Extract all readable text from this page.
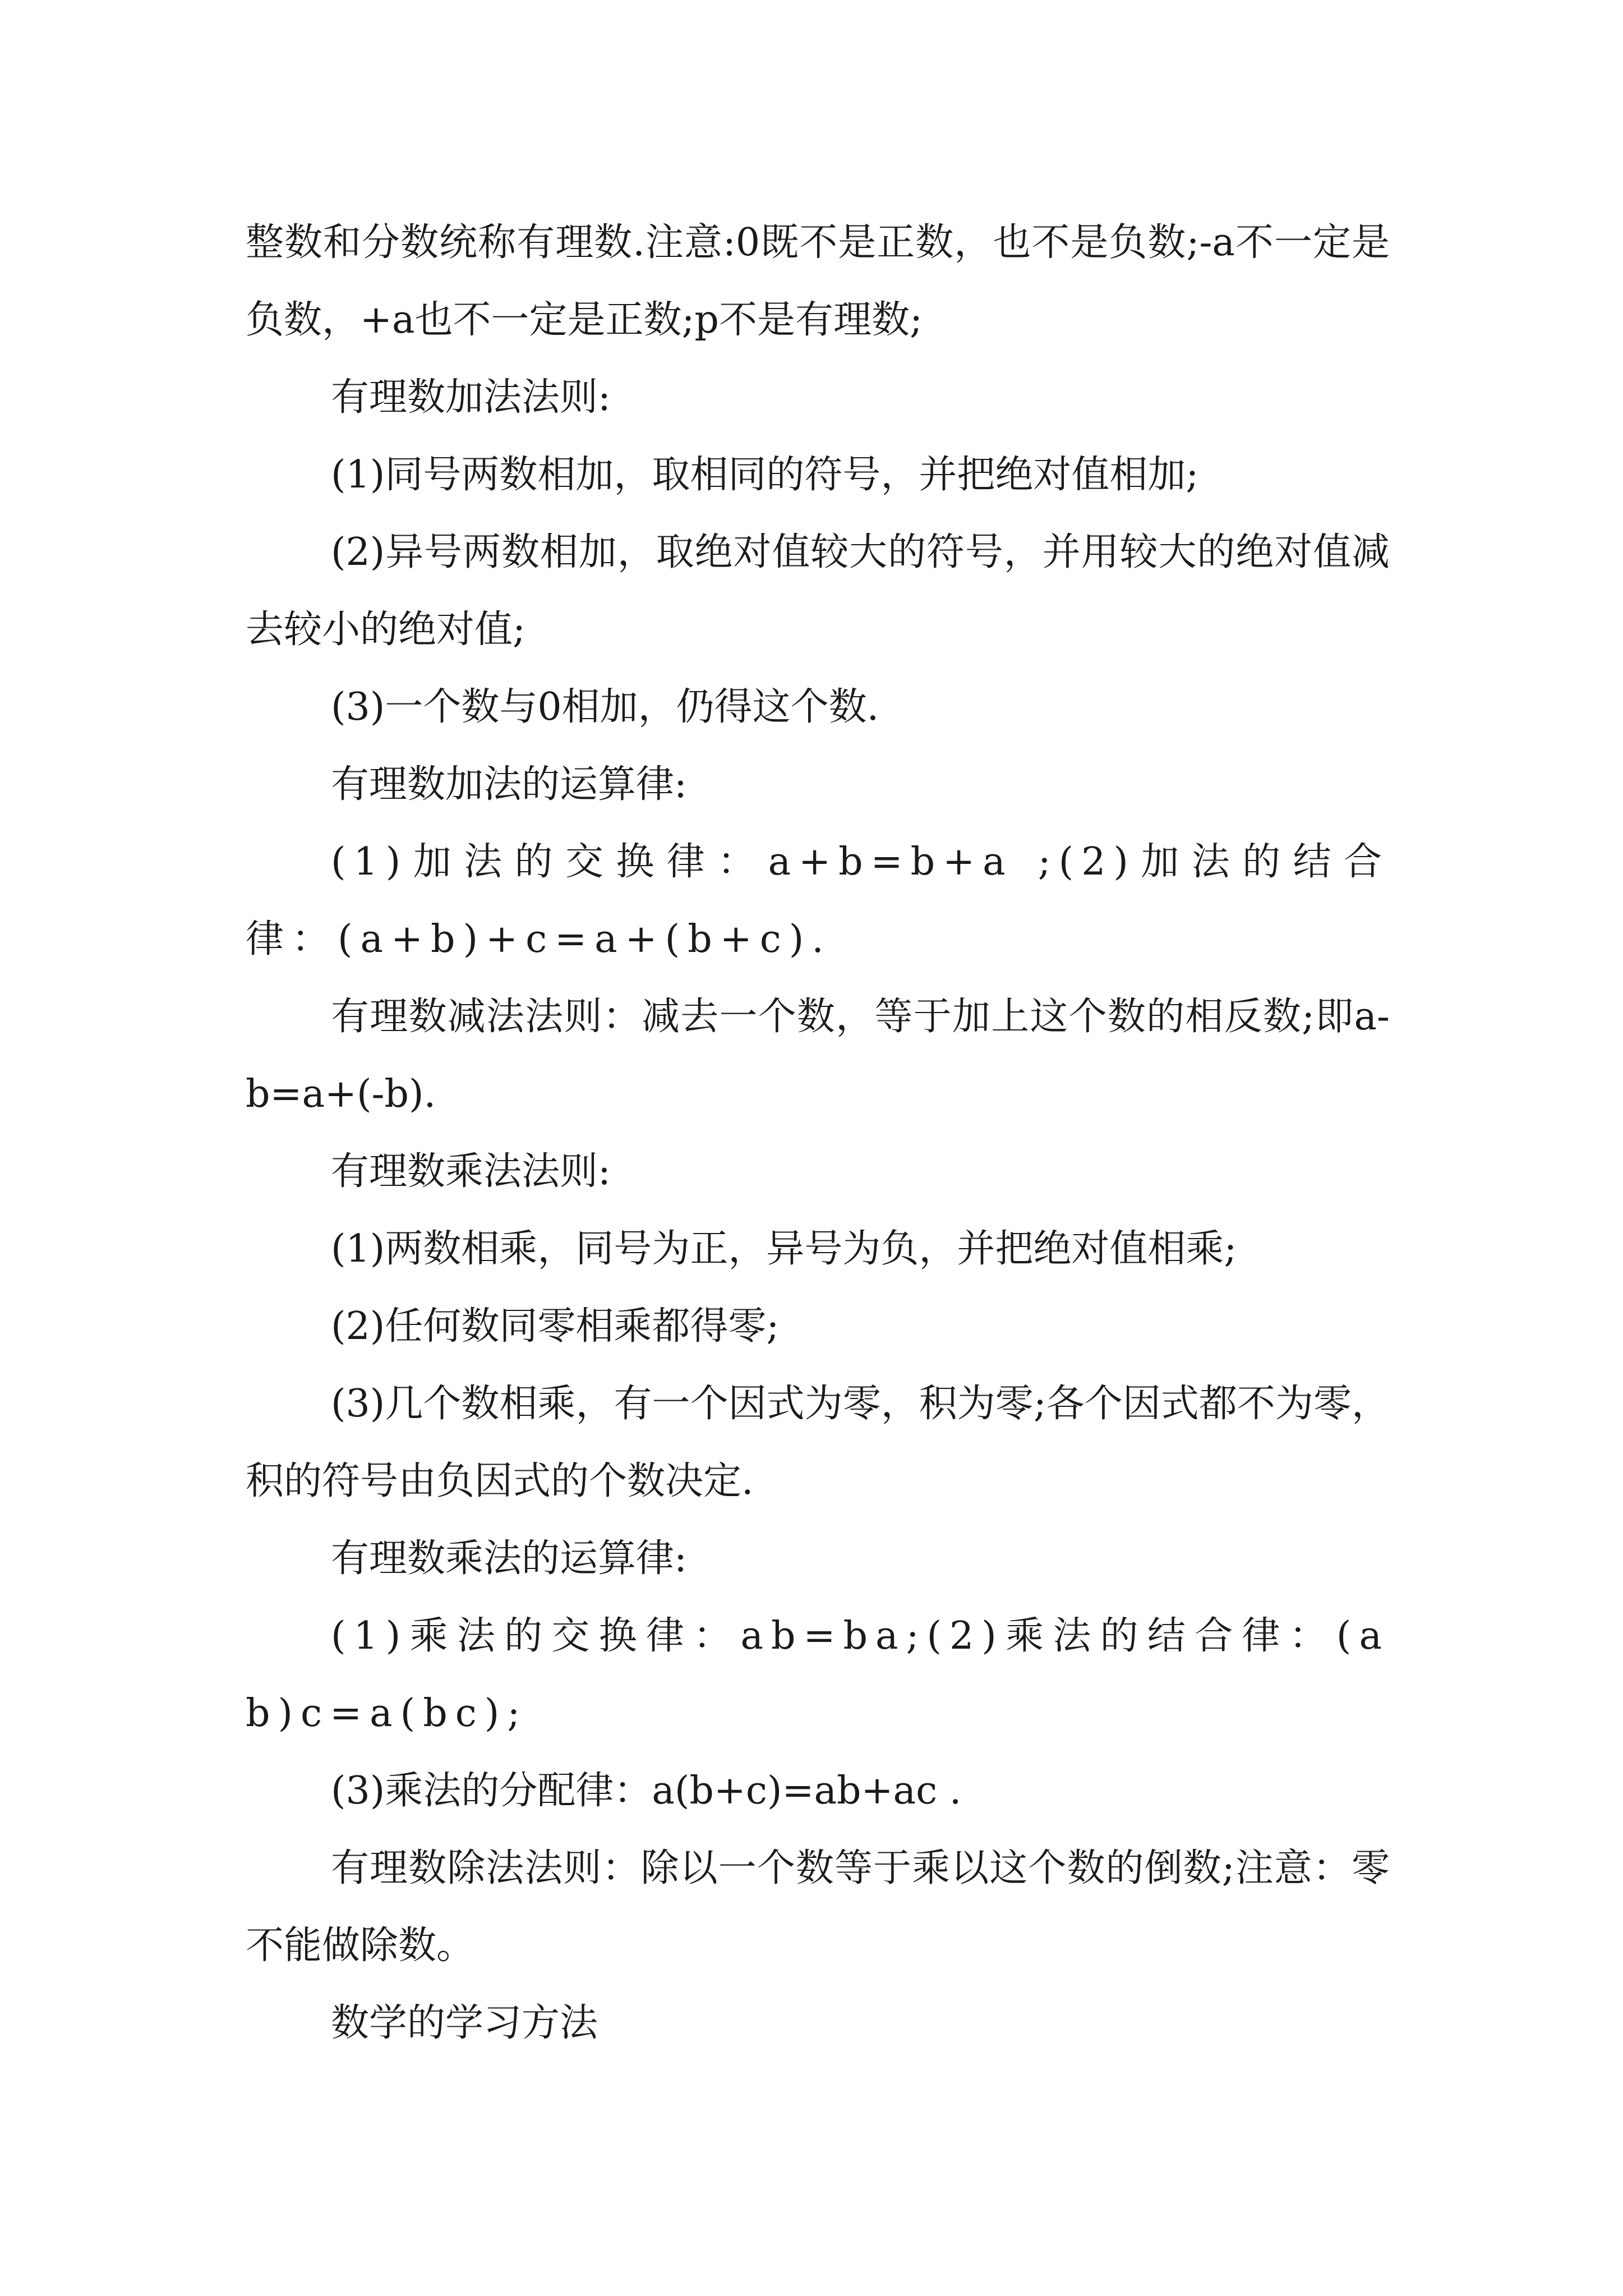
整数和分数统称有理数.注意:0既不是正数，也不是负数;-a不一定是负数，+a也不一定是正数;p不是有理数;

有理数加法法则:

(1)同号两数相加，取相同的符号，并把绝对值相加;

(2)异号两数相加，取绝对值较大的符号，并用较大的绝对值减去较小的绝对值;

(3)一个数与0相加，仍得这个数.

有理数加法的运算律:

(1)加法的交换律：a+b=b+a ;(2)加法的结合律：(a+b)+c=a+(b+c).

有理数减法法则：减去一个数，等于加上这个数的相反数;即a-b=a+(-b).

有理数乘法法则:

(1)两数相乘，同号为正，异号为负，并把绝对值相乘;

(2)任何数同零相乘都得零;

(3)几个数相乘，有一个因式为零，积为零;各个因式都不为零，积的符号由负因式的个数决定.

有理数乘法的运算律:

(1)乘法的交换律：ab=ba;(2)乘法的结合律：(ab)c=a(bc);

(3)乘法的分配律：a(b+c)=ab+ac .

有理数除法法则：除以一个数等于乘以这个数的倒数;注意：零不能做除数。

数学的学习方法
